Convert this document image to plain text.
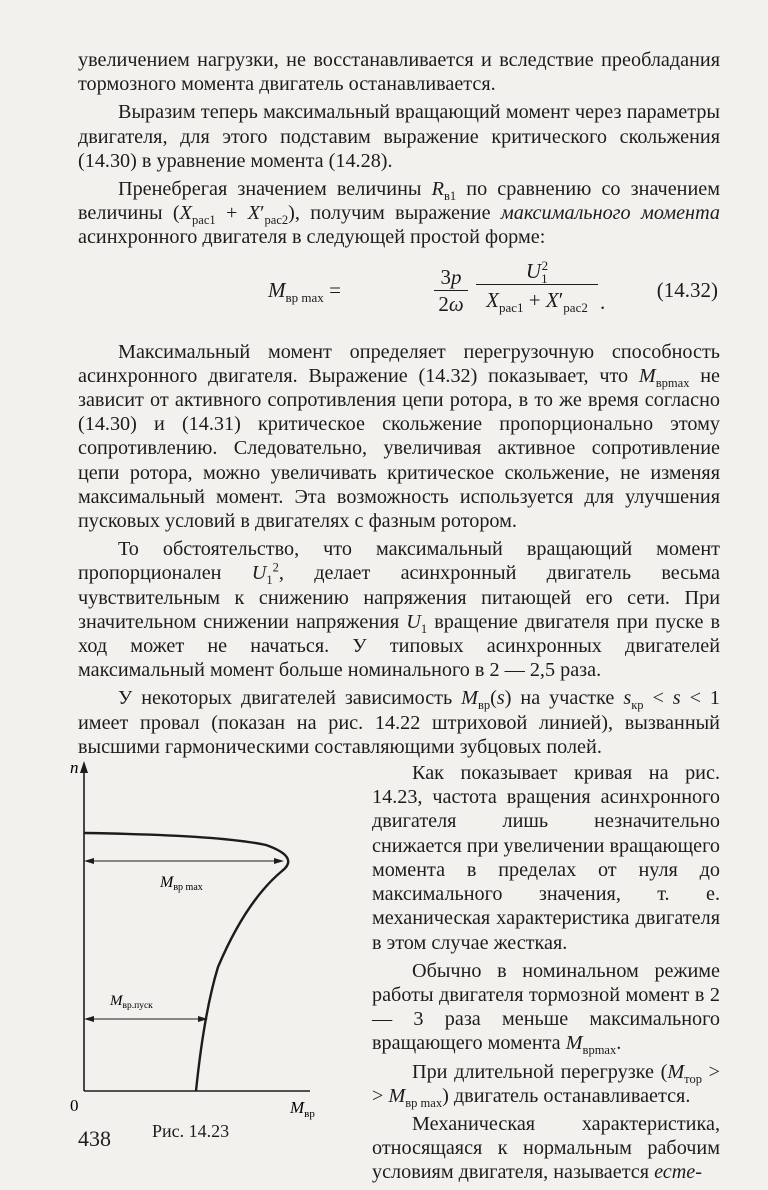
увеличением нагрузки, не восстанавливается и вследствие преобладания тормозного момента двигатель останавливается.

Выразим теперь максимальный вращающий момент через параметры двигателя, для этого подставим выражение критического скольжения (14.30) в уравнение момента (14.28).

Пренебрегая значением величины $R_{в1}$ по сравнению со значением величины $(X_{рас1} + X'_{рас2})$, получим выражение максимального момента асинхронного двигателя в следующей простой форме:

$M_{вр max}$ =	$\frac{3p}{2\omega}$	$U_1^2$
$X_{рас1} + X'_{рас2}$ . (14.32)

Максимальный момент определяет перегрузочную способность асинхронного двигателя. Выражение (14.32) показывает, что $M_{врmax}$ не зависит от активного сопротивления цепи ротора, в то же время согласно (14.30) и (14.31) критическое скольжение пропорционально этому сопротивлению. Следовательно, увеличивая активное сопротивление цепи ротора, можно увеличивать критическое скольжение, не изменяя максимальный момент. Эта возможность используется для улучшения пусковых условий в двигателях с фазным ротором.

То обстоятельство, что максимальный вращающий момент пропорционален $U_1^2$, делает асинхронный двигатель весьма чувствительным к снижению напряжения питающей его сети. При значительном снижении напряжения $U_1$ вращение двигателя при пуске в ход может не начаться. У типовых асинхронных двигателей максимальный момент больше номинального в 2 — 2,5 раза.

У некоторых двигателей зависимость $M_{вр}(s)$ на участке $s_{кр} < s < 1$ имеет провал (показан на рис. 14.22 штриховой линией), вызванный высшими гармоническими составляющими зубцовых полей.

n
0	$M_{вр}$
Mвр max
$M_{вр.пуск}$
Рис. 14.23

Как показывает кривая на рис. 14.23, частота вращения асинхронного двигателя лишь незначительно снижается при увеличении вращающего момента в пределах от нуля до максимального значения, т. е. механическая характеристика двигателя в этом случае жесткая.

Обычно в номинальном режиме работы двигателя тормозной момент в 2 — 3 раза меньше максимального вращающего момента $M_{врmax}$.

При длительной перегрузке ($M_{тор}$ > > $M_{вр max}$) двигатель останавливается.

Механическая характеристика, относящаяся к нормальным рабочим условиям двигателя, называется есте-

438
